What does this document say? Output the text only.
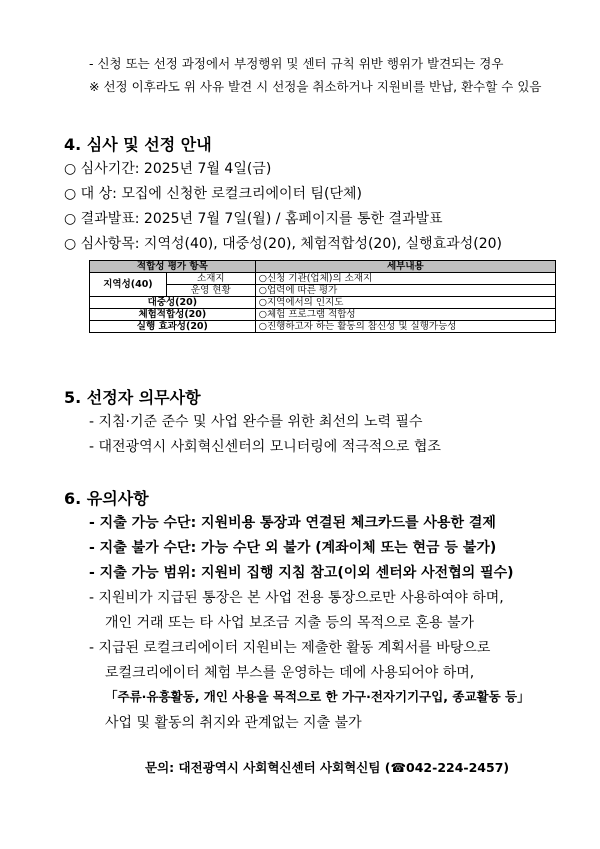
- 신청 또는 선정 과정에서 부정행위 및 센터 규칙 위반 행위가 발견되는 경우
※ 선정 이후라도 위 사유 발견 시 선정을 취소하거나 지원비를 반납, 환수할 수 있음
4. 심사 및 선정 안내
○ 심사기간: 2025년 7월 4일(금)
○ 대 상: 모집에 신청한 로컬크리에이터 팀(단체)
○ 결과발표: 2025년 7월 7일(월) / 홈페이지를 통한 결과발표
○ 심사항목: 지역성(40), 대중성(20), 체험적합성(20), 실행효과성(20)
적합성 평가 항목		세부내용
지역성(40)	소재지	○신청 기관(업체)의 소재지
	운영 현황	○업력에 따른 평가
대중성(20)		○지역에서의 인지도
체험적합성(20)		○체험 프로그램 적합성
실행 효과성(20)		○진행하고자 하는 활동의 참신성 및 실행가능성
5. 선정자 의무사항
- 지침·기준 준수 및 사업 완수를 위한 최선의 노력 필수
- 대전광역시 사회혁신센터의 모니터링에 적극적으로 협조
6. 유의사항
- 지출 가능 수단: 지원비용 통장과 연결된 체크카드를 사용한 결제
- 지출 불가 수단: 가능 수단 외 불가 (계좌이체 또는 현금 등 불가)
- 지출 가능 범위: 지원비 집행 지침 참고(이외 센터와 사전협의 필수)
- 지원비가 지급된 통장은 본 사업 전용 통장으로만 사용하여야 하며,
개인 거래 또는 타 사업 보조금 지출 등의 목적으로 혼용 불가
- 지급된 로컬크리에이터 지원비는 제출한 활동 계획서를 바탕으로
로컬크리에이터 체험 부스를 운영하는 데에 사용되어야 하며,
「주류·유흥활동, 개인 사용을 목적으로 한 가구·전자기기구입, 종교활동 등」
사업 및 활동의 취지와 관계없는 지출 불가
문의: 대전광역시 사회혁신센터 사회혁신팀 (☎042-224-2457)
